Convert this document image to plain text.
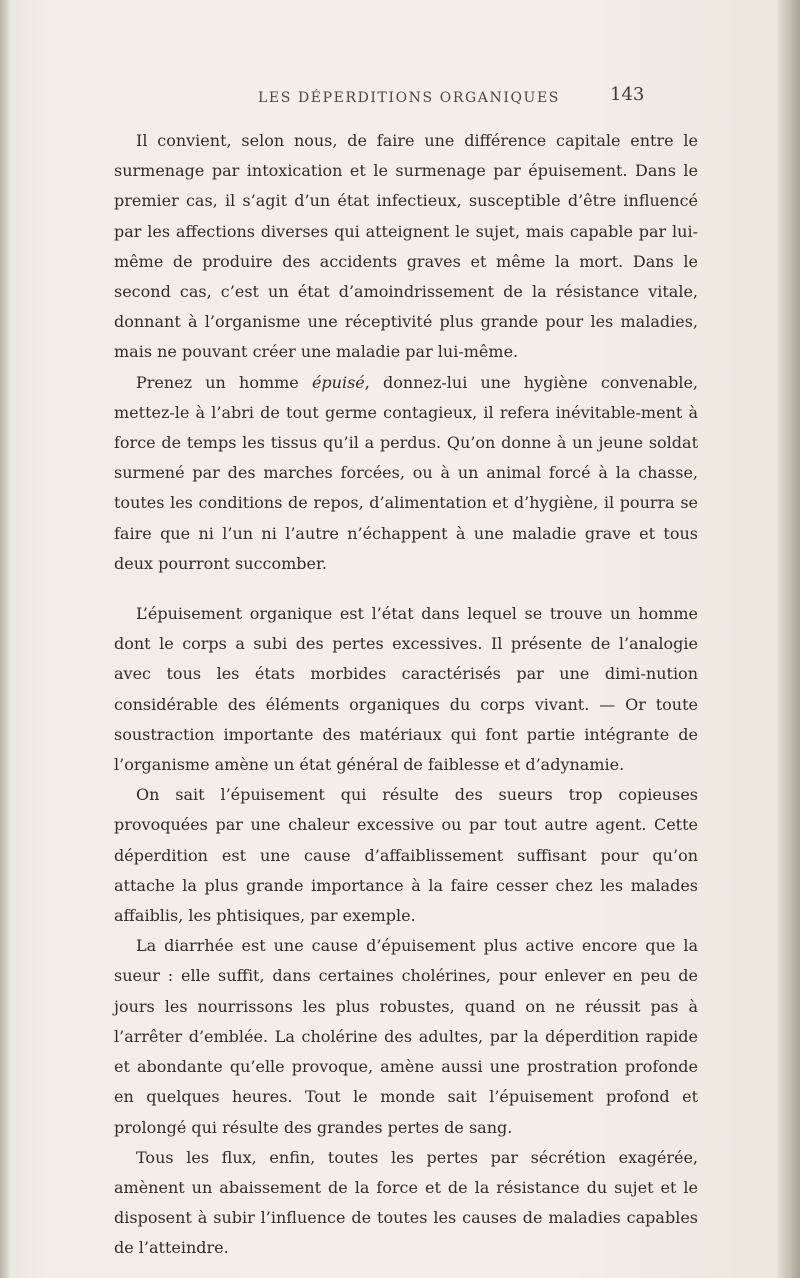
LES DÉPERDITIONS ORGANIQUES	143

Il convient, selon nous, de faire une différence capitale entre le surmenage par intoxication et le surmenage par épuisement. Dans le premier cas, il s’agit d’un état infectieux, susceptible d’être influencé par les affections diverses qui atteignent le sujet, mais capable par lui-même de produire des accidents graves et même la mort. Dans le second cas, c’est un état d’amoindrissement de la résistance vitale, donnant à l’organisme une réceptivité plus grande pour les maladies, mais ne pouvant créer une maladie par lui-même.

Prenez un homme épuisé, donnez-lui une hygiène convenable, mettez-le à l’abri de tout germe contagieux, il refera inévitable-ment à force de temps les tissus qu’il a perdus. Qu’on donne à un jeune soldat surmené par des marches forcées, ou à un animal forcé à la chasse, toutes les conditions de repos, d’alimentation et d’hygiène, il pourra se faire que ni l’un ni l’autre n’échappent à une maladie grave et tous deux pourront succomber.

L’épuisement organique est l’état dans lequel se trouve un homme dont le corps a subi des pertes excessives. Il présente de l’analogie avec tous les états morbides caractérisés par une dimi-nution considérable des éléments organiques du corps vivant. — Or toute soustraction importante des matériaux qui font partie intégrante de l’organisme amène un état général de faiblesse et d’adynamie.

On sait l’épuisement qui résulte des sueurs trop copieuses provoquées par une chaleur excessive ou par tout autre agent. Cette déperdition est une cause d’affaiblissement suffisant pour qu’on attache la plus grande importance à la faire cesser chez les malades affaiblis, les phtisiques, par exemple.

La diarrhée est une cause d’épuisement plus active encore que la sueur : elle suffit, dans certaines cholérines, pour enlever en peu de jours les nourrissons les plus robustes, quand on ne réussit pas à l’arrêter d’emblée. La cholérine des adultes, par la déperdition rapide et abondante qu’elle provoque, amène aussi une prostration profonde en quelques heures. Tout le monde sait l’épuisement profond et prolongé qui résulte des grandes pertes de sang.

Tous les flux, enfin, toutes les pertes par sécrétion exagérée, amènent un abaissement de la force et de la résistance du sujet et le disposent à subir l’influence de toutes les causes de maladies capables de l’atteindre.
